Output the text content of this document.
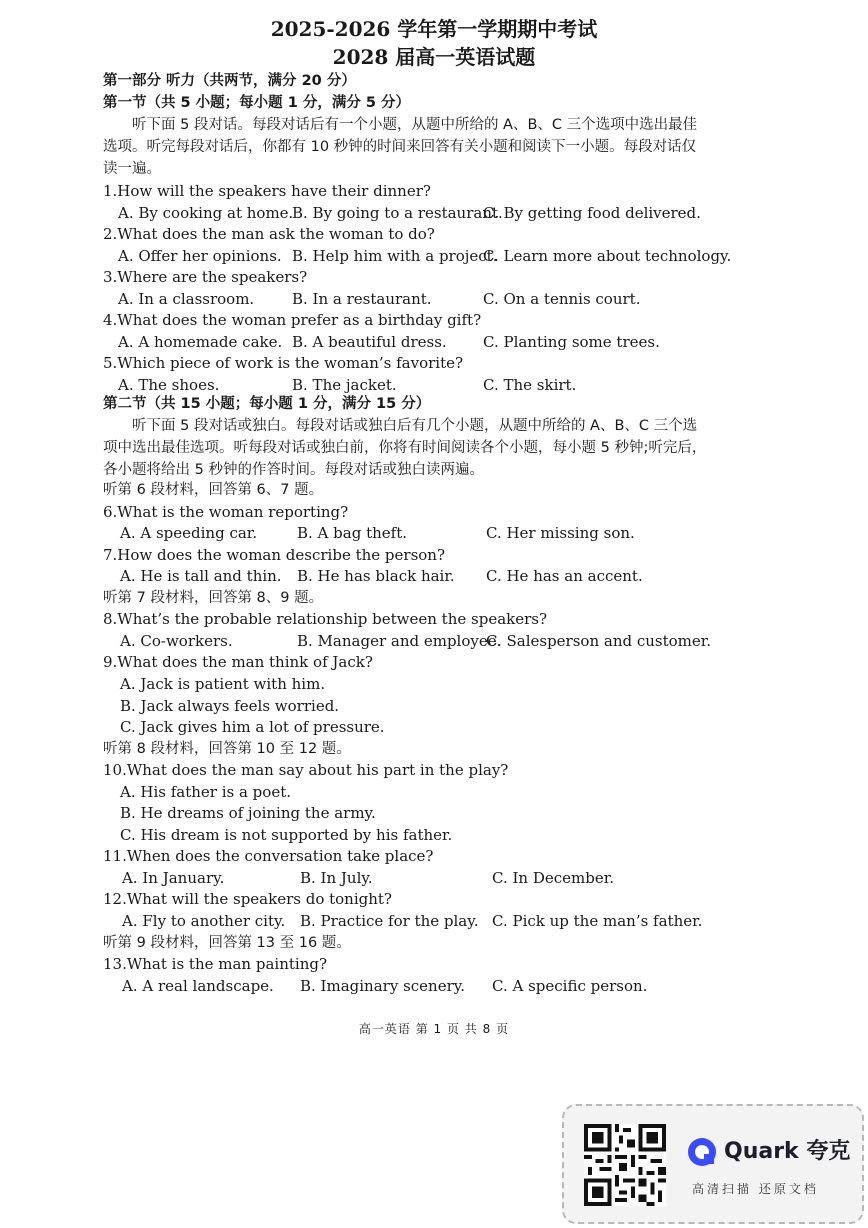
2025-2026 学年第一学期期中考试
2028 届高一英语试题
第一部分 听力（共两节，满分 20 分）
第一节（共 5 小题；每小题 1 分，满分 5 分）
听下面 5 段对话。每段对话后有一个小题，从题中所给的 A、B、C 三个选项中选出最佳
选项。听完每段对话后，你都有 10 秒钟的时间来回答有关小题和阅读下一小题。每段对话仅
读一遍。
1.How will the speakers have their dinner?
A. By cooking at home.
B. By going to a restaurant.
C. By getting food delivered.
2.What does the man ask the woman to do?
A. Offer her opinions. B. Help him with a project.
C. Learn more about technology.
3.Where are the speakers?
A. In a classroom.	B. In a restaurant.	C. On a tennis court.
4.What does the woman prefer as a birthday gift?
A. A homemade cake. B. A beautiful dress. C. Planting some trees.
5.Which piece of work is the woman’s favorite?
A. The shoes.	B. The jacket.	C. The skirt.
第二节（共 15 小题；每小题 1 分，满分 15 分）
听下面 5 段对话或独白。每段对话或独白后有几个小题，从题中所给的 A、B、C 三个选
项中选出最佳选项。听每段对话或独白前，你将有时间阅读各个小题，每小题 5 秒钟;听完后，
各小题将给出 5 秒钟的作答时间。每段对话或独白读两遍。
听第 6 段材料，回答第 6、7 题。
6.What is the woman reporting?
A. A speeding car.	B. A bag theft.	C. Her missing son.
7.How does the woman describe the person?
A. He is tall and thin. B. He has black hair. C. He has an accent.
听第 7 段材料，回答第 8、9 题。
8.What’s the probable relationship between the speakers?
A. Co-workers.	B. Manager and employee.
C. Salesperson and customer.
9.What does the man think of Jack?
A. Jack is patient with him.
B. Jack always feels worried.
C. Jack gives him a lot of pressure.
听第 8 段材料，回答第 10 至 12 题。
10.What does the man say about his part in the play?
A. His father is a poet.
B. He dreams of joining the army.
C. His dream is not supported by his father.
11.When does the conversation take place?
A. In January.	B. In July.	C. In December.
12.What will the speakers do tonight?
A. Fly to another city. B. Practice for the play. C. Pick up the man’s father.
听第 9 段材料，回答第 13 至 16 题。
13.What is the man painting?
A. A real landscape. B. Imaginary scenery. C. A specific person.
高一英语 第 1 页 共 8 页
Quark 夸克
高清扫描 还原文档
